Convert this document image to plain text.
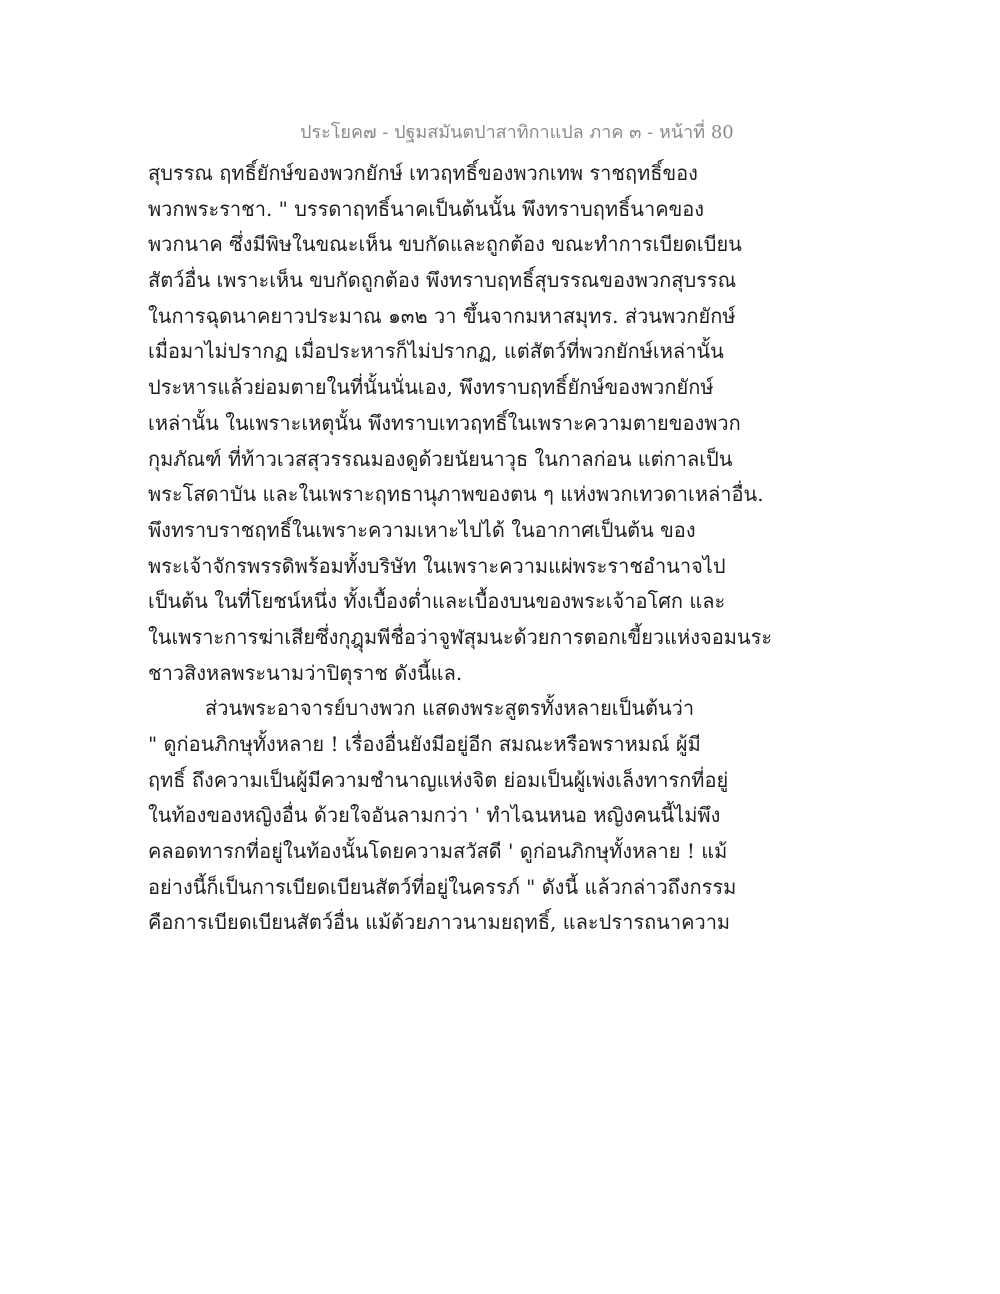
ประโยค๗ - ปฐมสมันตปาสาทิกาแปล ภาค ๓ - หน้าที่ 80
สุบรรณ ฤทธิ์ยักษ์ของพวกยักษ์ เทวฤทธิ์ของพวกเทพ ราชฤทธิ์ของ
พวกพระราชา. " บรรดาฤทธิ์นาคเป็นต้นนั้น พึงทราบฤทธิ์นาคของ
พวกนาค ซึ่งมีพิษในขณะเห็น ขบกัดและถูกต้อง ขณะทำการเบียดเบียน
สัตว์อื่น เพราะเห็น ขบกัดถูกต้อง พึงทราบฤทธิ์สุบรรณของพวกสุบรรณ
ในการฉุดนาคยาวประมาณ ๑๓๒ วา ขึ้นจากมหาสมุทร. ส่วนพวกยักษ์
เมื่อมาไม่ปรากฏ เมื่อประหารก็ไม่ปรากฏ, แต่สัตว์ที่พวกยักษ์เหล่านั้น
ประหารแล้วย่อมตายในที่นั้นนั่นเอง, พึงทราบฤทธิ์ยักษ์ของพวกยักษ์
เหล่านั้น ในเพราะเหตุนั้น พึงทราบเทวฤทธิ์ในเพราะความตายของพวก
กุมภัณฑ์ ที่ท้าวเวสสุวรรณมองดูด้วยนัยนาวุธ ในกาลก่อน แต่กาลเป็น
พระโสดาบัน และในเพราะฤทธานุภาพของตน ๆ แห่งพวกเทวดาเหล่าอื่น.
พึงทราบราชฤทธิ์ในเพราะความเหาะไปได้ ในอากาศเป็นต้น ของ
พระเจ้าจักรพรรดิพร้อมทั้งบริษัท ในเพราะความแผ่พระราชอำนาจไป
เป็นต้น ในที่โยชน์หนึ่ง ทั้งเบื้องต่ำและเบื้องบนของพระเจ้าอโศก และ
ในเพราะการฆ่าเสียซึ่งกุฎุมพีชื่อว่าจูฬสุมนะด้วยการตอกเขี้ยวแห่งจอมนระ
ชาวสิงหลพระนามว่าปิตุราช ดังนี้แล.
ส่วนพระอาจารย์บางพวก แสดงพระสูตรทั้งหลายเป็นต้นว่า
" ดูก่อนภิกษุทั้งหลาย ! เรื่องอื่นยังมีอยู่อีก สมณะหรือพราหมณ์ ผู้มี
ฤทธิ์ ถึงความเป็นผู้มีความชำนาญแห่งจิต ย่อมเป็นผู้เพ่งเล็งทารกที่อยู่
ในท้องของหญิงอื่น ด้วยใจอันลามกว่า ' ทำไฉนหนอ หญิงคนนี้ไม่พึง
คลอดทารกที่อยู่ในท้องนั้นโดยความสวัสดี ' ดูก่อนภิกษุทั้งหลาย ! แม้
อย่างนี้ก็เป็นการเบียดเบียนสัตว์ที่อยู่ในครรภ์ " ดังนี้ แล้วกล่าวถึงกรรม
คือการเบียดเบียนสัตว์อื่น แม้ด้วยภาวนามยฤทธิ์, และปรารถนาความ
